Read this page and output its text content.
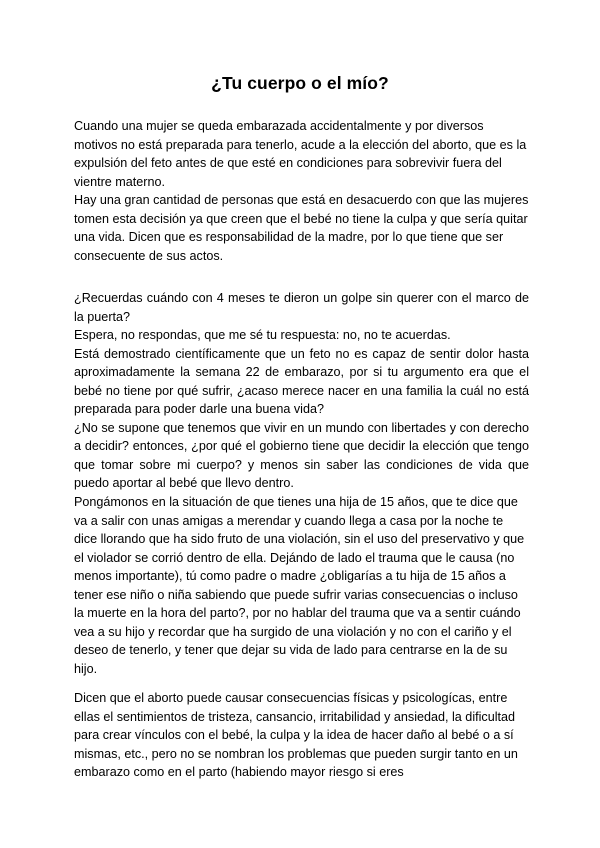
¿Tu cuerpo o el mío?

Cuando una mujer se queda embarazada accidentalmente y por diversos motivos no está preparada para tenerlo, acude a la elección del aborto, que es la expulsión del feto antes de que esté en condiciones para sobrevivir fuera del vientre materno.

Hay una gran cantidad de personas que está en desacuerdo con que las mujeres tomen esta decisión ya que creen que el bebé no tiene la culpa y que sería quitar una vida. Dicen que es responsabilidad de la madre, por lo que tiene que ser consecuente de sus actos.

¿Recuerdas cuándo con 4 meses te dieron un golpe sin querer con el marco de la puerta?

Espera, no respondas, que me sé tu respuesta: no, no te acuerdas.

Está demostrado científicamente que un feto no es capaz de sentir dolor hasta aproximadamente la semana 22 de embarazo, por si tu argumento era que el bebé no tiene por qué sufrir, ¿acaso merece nacer en una familia la cuál no está preparada para poder darle una buena vida?

¿No se supone que tenemos que vivir en un mundo con libertades y con derecho a decidir? entonces, ¿por qué el gobierno tiene que decidir la elección que tengo que tomar sobre mi cuerpo? y menos sin saber las condiciones de vida que puedo aportar al bebé que llevo dentro.

Pongámonos en la situación de que tienes una hija de 15 años, que te dice que va a salir con unas amigas a merendar y cuando llega a casa por la noche te dice llorando que ha sido fruto de una violación, sin el uso del preservativo y que el violador se corrió dentro de ella. Dejándo de lado el trauma que le causa (no menos importante), tú como padre o madre ¿obligarías a tu hija de 15 años a tener ese niño o niña sabiendo que puede sufrir varias consecuencias o incluso la muerte en la hora del parto?, por no hablar del trauma que va a sentir cuándo vea a su hijo y recordar que ha surgido de una violación y no con el cariño y el deseo de tenerlo, y tener que dejar su vida de lado para centrarse en la de su hijo.

Dicen que el aborto puede causar consecuencias físicas y psicologícas, entre ellas el sentimientos de tristeza, cansancio, irritabilidad y ansiedad, la dificultad para crear vínculos con el bebé, la culpa y la idea de hacer daño al bebé o a sí mismas, etc., pero no se nombran los problemas que pueden surgir tanto en un embarazo como en el parto (habiendo mayor riesgo si eres
